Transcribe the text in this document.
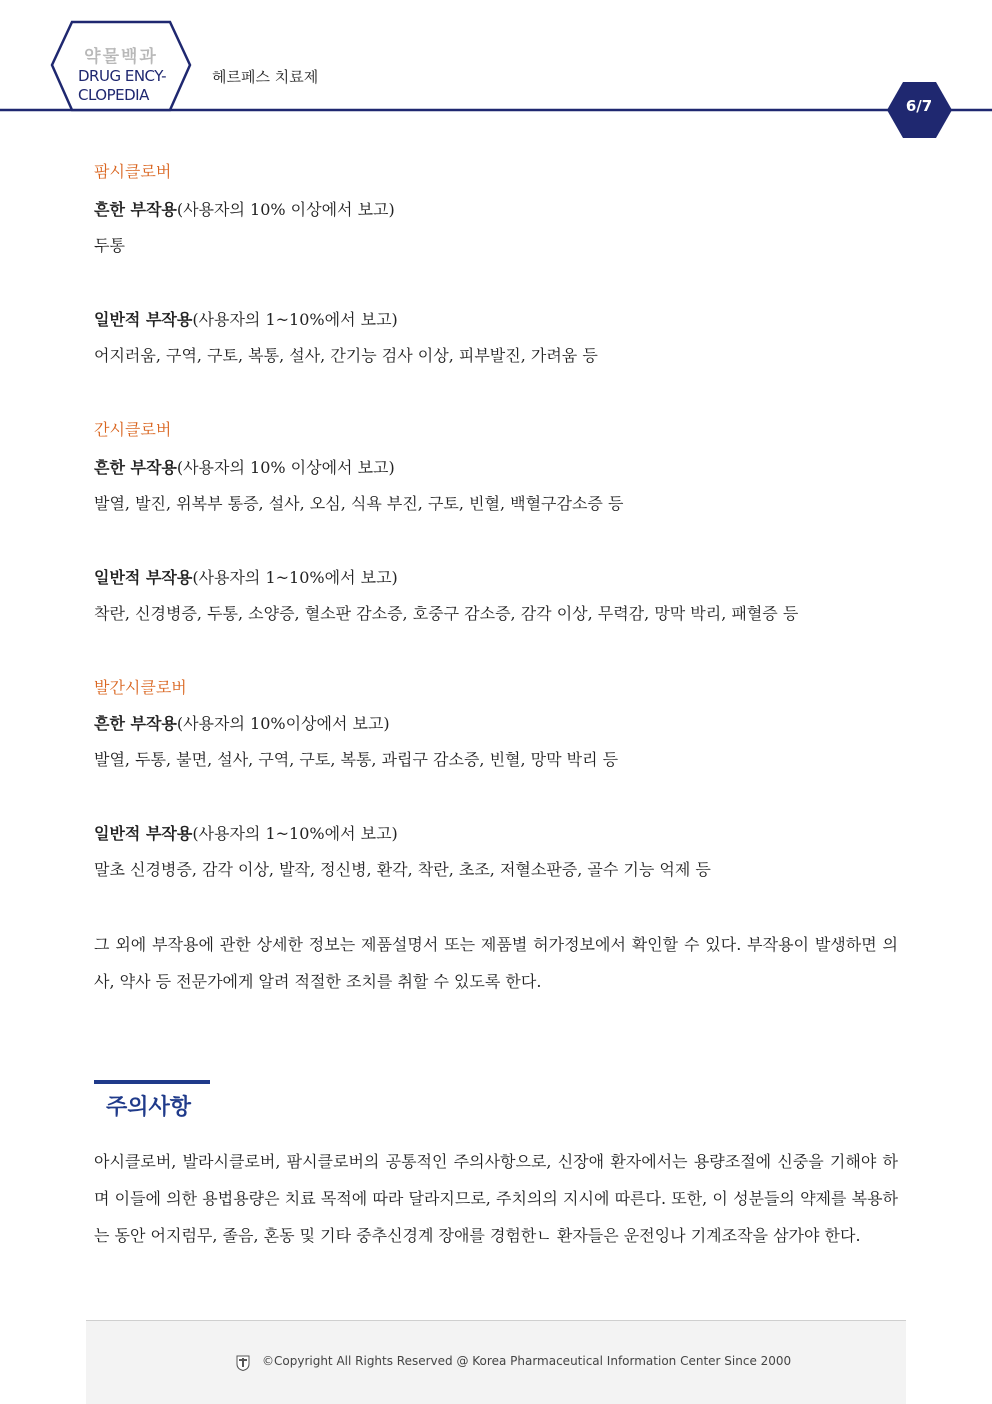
약물백과
DRUG ENCY-
CLOPEDIA
헤르페스 치료제
6/7
팜시클로버
흔한 부작용(사용자의 10% 이상에서 보고)
두통
일반적 부작용(사용자의 1~10%에서 보고)
어지러움, 구역, 구토, 복통, 설사, 간기능 검사 이상, 피부발진, 가려움 등
간시클로버
흔한 부작용(사용자의 10% 이상에서 보고)
발열, 발진, 위복부 통증, 설사, 오심, 식욕 부진, 구토, 빈혈, 백혈구감소증 등
일반적 부작용(사용자의 1~10%에서 보고)
착란, 신경병증, 두통, 소양증, 혈소판 감소증, 호중구 감소증, 감각 이상, 무력감, 망막 박리, 패혈증 등
발간시클로버
흔한 부작용(사용자의 10%이상에서 보고)
발열, 두통, 불면, 설사, 구역, 구토, 복통, 과립구 감소증, 빈혈, 망막 박리 등
일반적 부작용(사용자의 1~10%에서 보고)
말초 신경병증, 감각 이상, 발작, 정신병, 환각, 착란, 초조, 저혈소판증, 골수 기능 억제 등

그 외에 부작용에 관한 상세한 정보는 제품설명서 또는 제품별 허가정보에서 확인할 수 있다. 부작용이 발생하면 의사, 약사 등 전문가에게 알려 적절한 조치를 취할 수 있도록 한다.

주의사항

아시클로버, 발라시클로버, 팜시클로버의 공통적인 주의사항으로, 신장애 환자에서는 용량조절에 신중을 기해야 하며 이들에 의한 용법용량은 치료 목적에 따라 달라지므로, 주치의의 지시에 따른다. 또한, 이 성분들의 약제를 복용하는 동안 어지럼무, 졸음, 혼동 및 기타 중추신경계 장애를 경험한ㄴ 환자들은 운전잉나 기계조작을 삼가야 한다.

©Copyright All Rights Reserved @ Korea Pharmaceutical Information Center Since 2000
